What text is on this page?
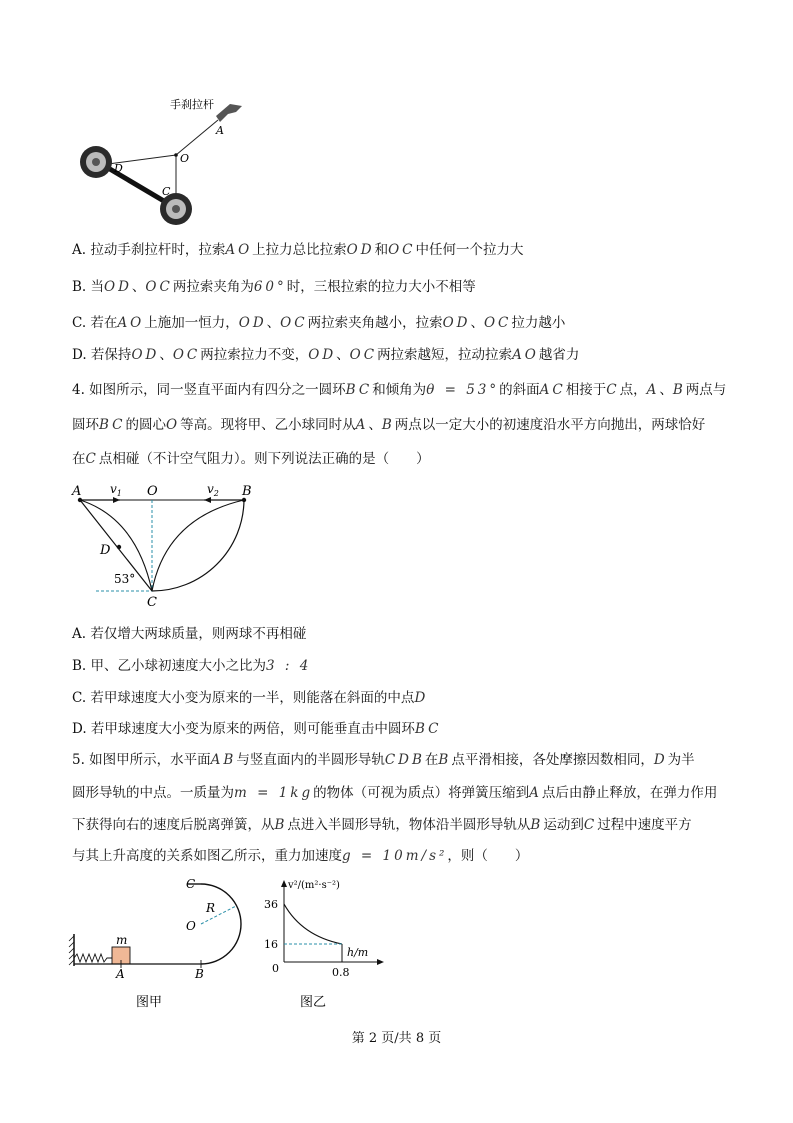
手刹拉杆
A
O
D
C
A. 拉动手刹拉杆时，拉索AO上拉力总比拉索OD和OC中任何一个拉力大
B. 当OD、OC两拉索夹角为60°时，三根拉索的拉力大小不相等
C. 若在AO上施加一恒力，OD、OC两拉索夹角越小，拉索OD、OC拉力越小
D. 若保持OD、OC两拉索拉力不变，OD、OC两拉索越短，拉动拉索AO越省力
4. 如图所示，同一竖直平面内有四分之一圆环BC和倾角为θ = 53°的斜面AC相接于C点，A、B两点与
圆环BC的圆心O等高。现将甲、乙小球同时从A、B两点以一定大小的初速度沿水平方向抛出，两球恰好
在C点相碰（不计空气阻力）。则下列说法正确的是（　　）
A	O	B
$v_1$	$v_2$
D
53°
C
A. 若仅增大两球质量，则两球不再相碰
B. 甲、乙小球初速度大小之比为3 : 4
C. 若甲球速度大小变为原来的一半，则能落在斜面的中点D
D. 若甲球速度大小变为原来的两倍，则可能垂直击中圆环BC
5. 如图甲所示，水平面AB与竖直面内的半圆形导轨CDB在B点平滑相接，各处摩擦因数相同，D为半
圆形导轨的中点。一质量为m = 1kg的物体（可视为质点）将弹簧压缩到A点后由静止释放，在弹力作用
下获得向右的速度后脱离弹簧，从B点进入半圆形导轨，物体沿半圆形导轨从B运动到C过程中速度平方
与其上升高度的关系如图乙所示，重力加速度g = 10m/s²，则（　　）
C
R
O
m
A	B
图甲
v²/(m²·s⁻²)
36
16
0
h/m
0.8
图乙
第 2 页/共 8 页
